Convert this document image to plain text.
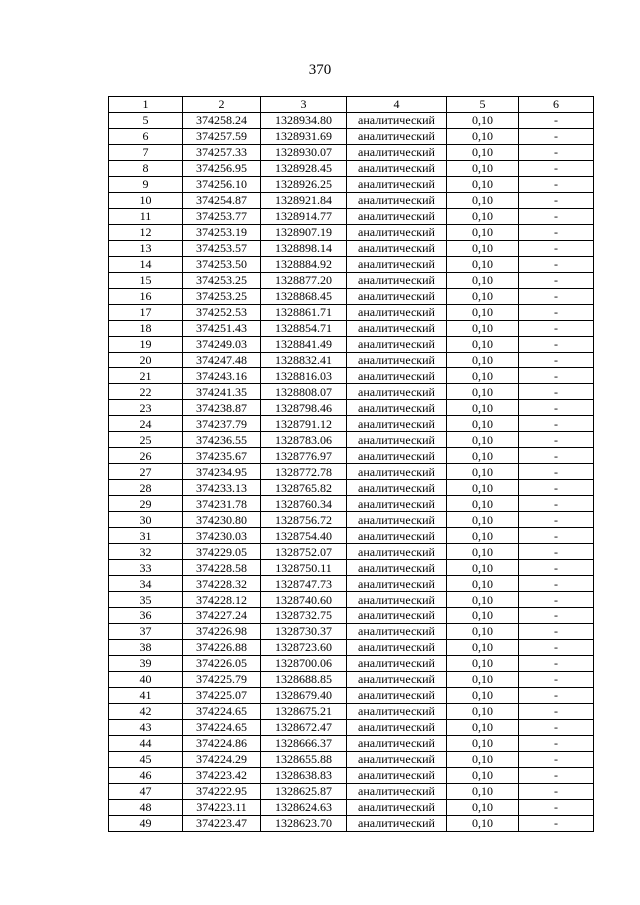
370
1	2	3	4	5	6
5	374258.24	1328934.80	аналитический	0,10	-
6	374257.59	1328931.69	аналитический	0,10	-
7	374257.33	1328930.07	аналитический	0,10	-
8	374256.95	1328928.45	аналитический	0,10	-
9	374256.10	1328926.25	аналитический	0,10	-
10	374254.87	1328921.84	аналитический	0,10	-
11	374253.77	1328914.77	аналитический	0,10	-
12	374253.19	1328907.19	аналитический	0,10	-
13	374253.57	1328898.14	аналитический	0,10	-
14	374253.50	1328884.92	аналитический	0,10	-
15	374253.25	1328877.20	аналитический	0,10	-
16	374253.25	1328868.45	аналитический	0,10	-
17	374252.53	1328861.71	аналитический	0,10	-
18	374251.43	1328854.71	аналитический	0,10	-
19	374249.03	1328841.49	аналитический	0,10	-
20	374247.48	1328832.41	аналитический	0,10	-
21	374243.16	1328816.03	аналитический	0,10	-
22	374241.35	1328808.07	аналитический	0,10	-
23	374238.87	1328798.46	аналитический	0,10	-
24	374237.79	1328791.12	аналитический	0,10	-
25	374236.55	1328783.06	аналитический	0,10	-
26	374235.67	1328776.97	аналитический	0,10	-
27	374234.95	1328772.78	аналитический	0,10	-
28	374233.13	1328765.82	аналитический	0,10	-
29	374231.78	1328760.34	аналитический	0,10	-
30	374230.80	1328756.72	аналитический	0,10	-
31	374230.03	1328754.40	аналитический	0,10	-
32	374229.05	1328752.07	аналитический	0,10	-
33	374228.58	1328750.11	аналитический	0,10	-
34	374228.32	1328747.73	аналитический	0,10	-
35	374228.12	1328740.60	аналитический	0,10	-
36	374227.24	1328732.75	аналитический	0,10	-
37	374226.98	1328730.37	аналитический	0,10	-
38	374226.88	1328723.60	аналитический	0,10	-
39	374226.05	1328700.06	аналитический	0,10	-
40	374225.79	1328688.85	аналитический	0,10	-
41	374225.07	1328679.40	аналитический	0,10	-
42	374224.65	1328675.21	аналитический	0,10	-
43	374224.65	1328672.47	аналитический	0,10	-
44	374224.86	1328666.37	аналитический	0,10	-
45	374224.29	1328655.88	аналитический	0,10	-
46	374223.42	1328638.83	аналитический	0,10	-
47	374222.95	1328625.87	аналитический	0,10	-
48	374223.11	1328624.63	аналитический	0,10	-
49	374223.47	1328623.70	аналитический	0,10	-
